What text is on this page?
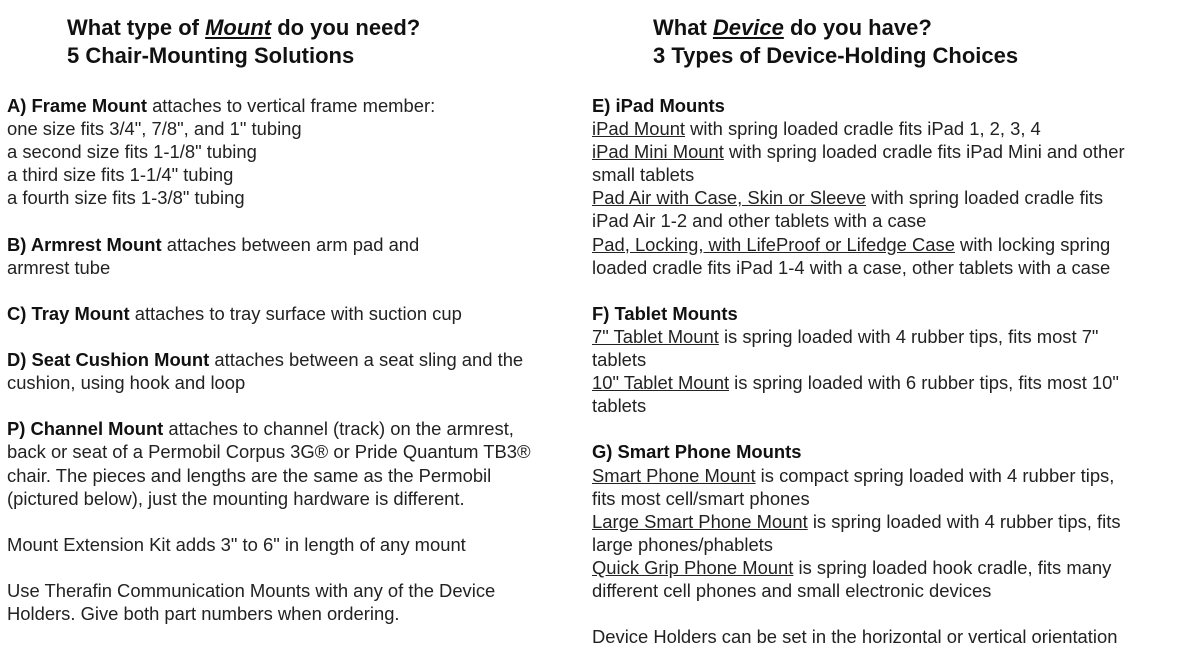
What type of Mount do you need?
5 Chair-Mounting Solutions
A) Frame Mount attaches to vertical frame member:
one size fits 3/4", 7/8", and 1" tubing
a second size fits 1-1/8" tubing
a third size fits 1-1/4" tubing
a fourth size fits 1-3/8" tubing
B) Armrest Mount attaches between arm pad and
armrest tube
C) Tray Mount attaches to tray surface with suction cup
D) Seat Cushion Mount attaches between a seat sling and the
cushion, using hook and loop
P) Channel Mount attaches to channel (track) on the armrest,
back or seat of a Permobil Corpus 3G® or Pride Quantum TB3®
chair. The pieces and lengths are the same as the Permobil
(pictured below), just the mounting hardware is different.
Mount Extension Kit adds 3" to 6" in length of any mount
Use Therafin Communication Mounts with any of the Device
Holders. Give both part numbers when ordering.
What Device do you have?
3 Types of Device-Holding Choices
E) iPad Mounts
iPad Mount with spring loaded cradle fits iPad 1, 2, 3, 4
iPad Mini Mount with spring loaded cradle fits iPad Mini and other
small tablets
Pad Air with Case, Skin or Sleeve with spring loaded cradle fits
iPad Air 1-2 and other tablets with a case
Pad, Locking, with LifeProof or Lifedge Case with locking spring
loaded cradle fits iPad 1-4 with a case, other tablets with a case
F) Tablet Mounts
7" Tablet Mount is spring loaded with 4 rubber tips, fits most 7"
tablets
10" Tablet Mount is spring loaded with 6 rubber tips, fits most 10"
tablets
G) Smart Phone Mounts
Smart Phone Mount is compact spring loaded with 4 rubber tips,
fits most cell/smart phones
Large Smart Phone Mount is spring loaded with 4 rubber tips, fits
large phones/phablets
Quick Grip Phone Mount is spring loaded hook cradle, fits many
different cell phones and small electronic devices
Device Holders can be set in the horizontal or vertical orientation
